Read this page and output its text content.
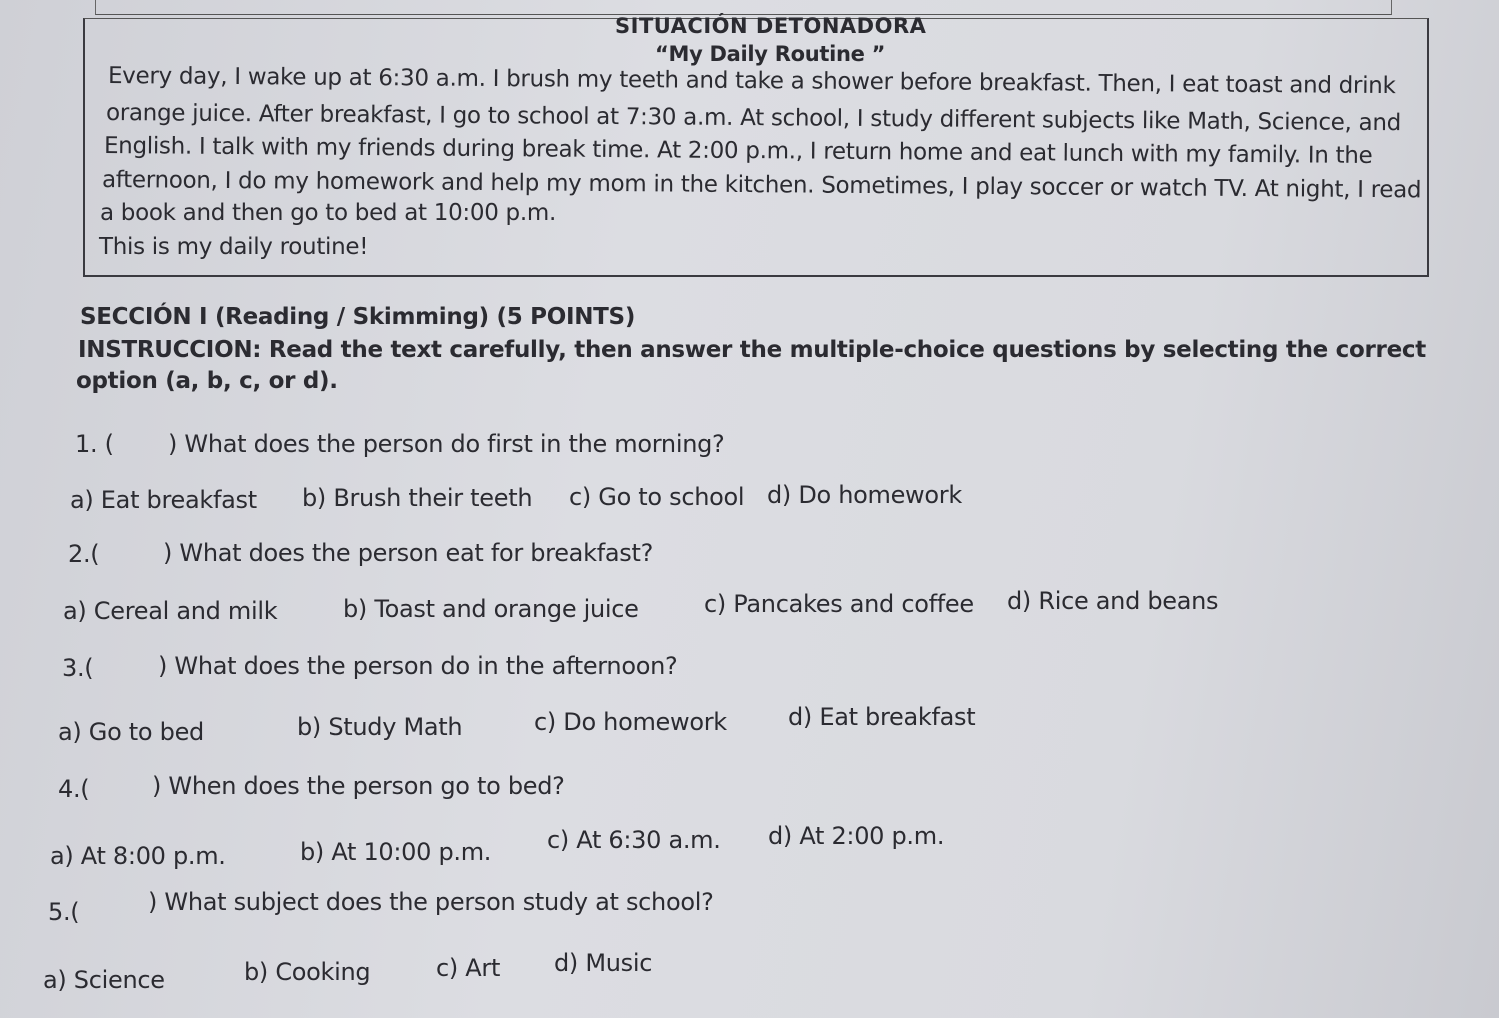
SITUACIÓN DETONADORA
“My Daily Routine ”
Every day, I wake up at 6:30 a.m. I brush my teeth and take a shower before breakfast. Then, I eat toast and drink
orange juice. After breakfast, I go to school at 7:30 a.m. At school, I study different subjects like Math, Science, and
English. I talk with my friends during break time. At 2:00 p.m., I return home and eat lunch with my family. In the
afternoon, I do my homework and help my mom in the kitchen. Sometimes, I play soccer or watch TV. At night, I read
a book and then go to bed at 10:00 p.m.
This is my daily routine!
SECCIÓN I (Reading / Skimming) (5 POINTS)
INSTRUCCION: Read the text carefully, then answer the multiple-choice questions by selecting the correct
option (a, b, c, or d).
1. ( ) What does the person do first in the morning?
a) Eat breakfast b) Brush their teeth c) Go to school d) Do homework
2.(	) What does the person eat for breakfast?
a) Cereal and milk	b) Toast and orange juice	c) Pancakes and coffee d) Rice and beans
3.(	) What does the person do in the afternoon?
a) Go to bed	b) Study Math	c) Do homework	d) Eat breakfast
4.(	) When does the person go to bed?
a) At 8:00 p.m.	b) At 10:00 p.m. c) At 6:30 a.m. d) At 2:00 p.m.
5.(	) What subject does the person study at school?
a) Science	b) Cooking	c) Art d) Music
